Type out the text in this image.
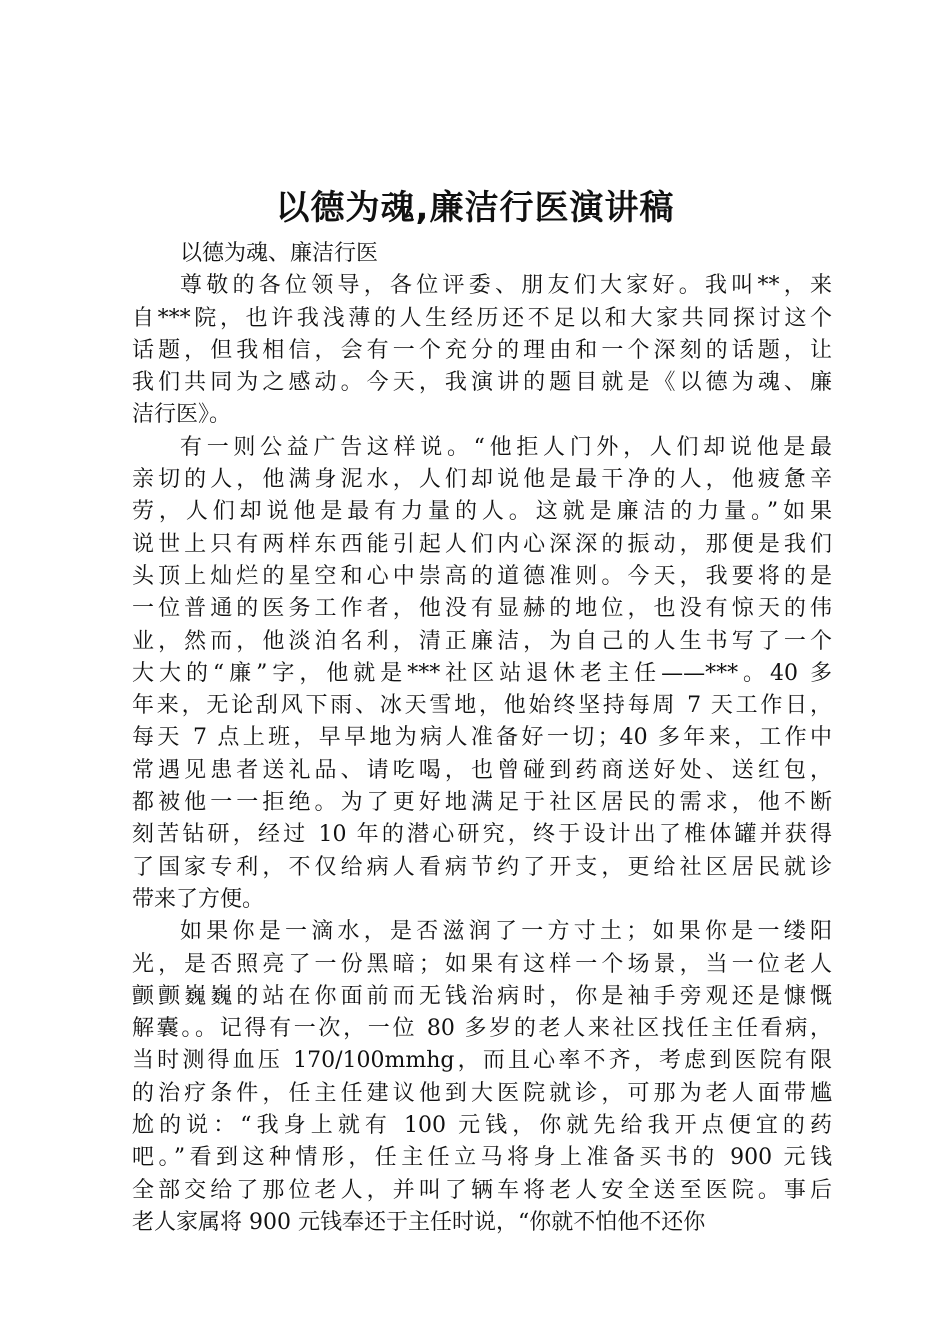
以德为魂,廉洁行医演讲稿
以德为魂、廉洁行医
尊敬的各位领导，各位评委、朋友们大家好。我叫**，来
自***院，也许我浅薄的人生经历还不足以和大家共同探讨这个
话题，但我相信，会有一个充分的理由和一个深刻的话题，让
我们共同为之感动。今天，我演讲的题目就是《以德为魂、廉
洁行医》。
有一则公益广告这样说。“他拒人门外，人们却说他是最
亲切的人，他满身泥水，人们却说他是最干净的人，他疲惫辛
劳，人们却说他是最有力量的人。这就是廉洁的力量。”如果
说世上只有两样东西能引起人们内心深深的振动，那便是我们
头顶上灿烂的星空和心中崇高的道德准则。今天，我要将的是
一位普通的医务工作者，他没有显赫的地位，也没有惊天的伟
业，然而，他淡泊名利，清正廉洁，为自己的人生书写了一个
大大的“廉”字，他就是***社区站退休老主任——***。40 多
年来，无论刮风下雨、冰天雪地，他始终坚持每周 7 天工作日，
每天 7 点上班，早早地为病人准备好一切；40 多年来，工作中
常遇见患者送礼品、请吃喝，也曾碰到药商送好处、送红包，
都被他一一拒绝。为了更好地满足于社区居民的需求，他不断
刻苦钻研，经过 10 年的潜心研究，终于设计出了椎体罐并获得
了国家专利，不仅给病人看病节约了开支，更给社区居民就诊
带来了方便。
如果你是一滴水，是否滋润了一方寸土；如果你是一缕阳
光，是否照亮了一份黑暗；如果有这样一个场景，当一位老人
颤颤巍巍的站在你面前而无钱治病时，你是袖手旁观还是慷慨
解囊。。记得有一次，一位 80 多岁的老人来社区找任主任看病，
当时测得血压 170/100mmhg，而且心率不齐，考虑到医院有限
的治疗条件，任主任建议他到大医院就诊，可那为老人面带尴
尬的说：“我身上就有 100 元钱，你就先给我开点便宜的药
吧。”看到这种情形，任主任立马将身上准备买书的 900 元钱
全部交给了那位老人，并叫了辆车将老人安全送至医院。事后
老人家属将 900 元钱奉还于主任时说，“你就不怕他不还你
